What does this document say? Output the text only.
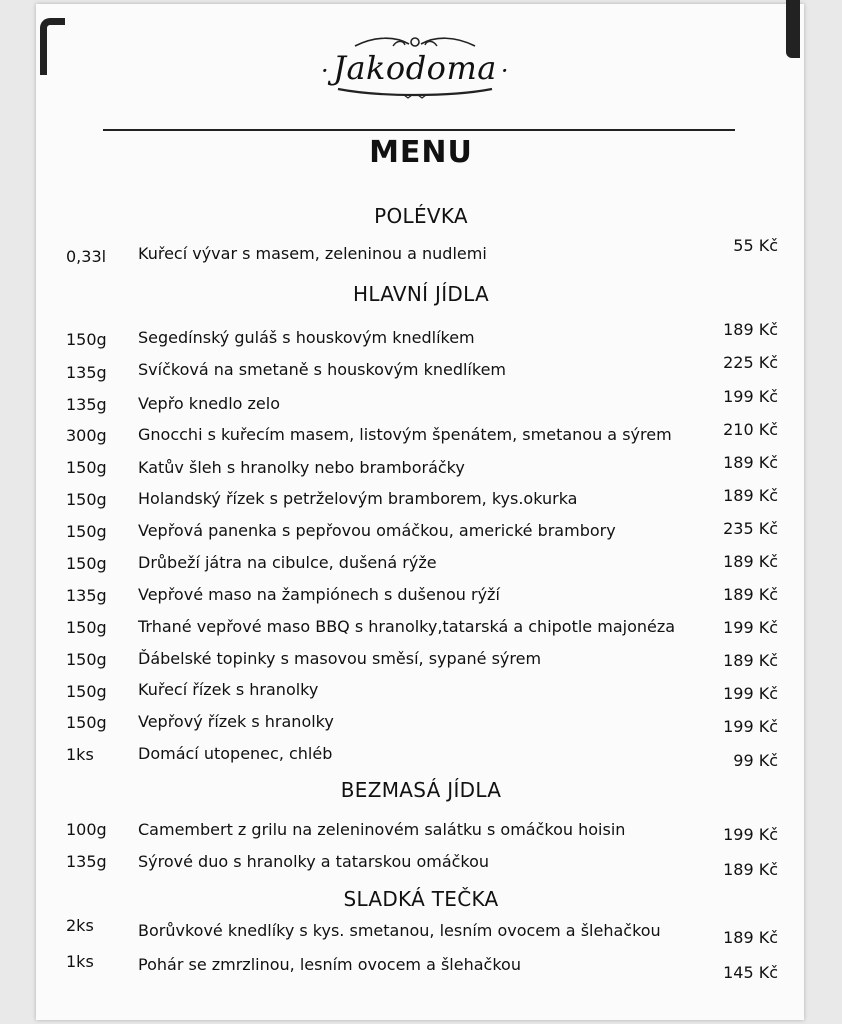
· Jakodoma ·
MENU
POLÉVKA
0,33l Kuřecí vývar s masem, zeleninou a nudlemi	55 Kč
HLAVNÍ JÍDLA
150g Segedínský guláš s houskovým knedlíkem	189 Kč
135g Svíčková na smetaně s houskovým knedlíkem	225 Kč
135g Vepřo knedlo zelo	199 Kč
300g Gnocchi s kuřecím masem, listovým špenátem, smetanou a sýrem	210 Kč
150g Katův šleh s hranolky nebo bramboráčky	189 Kč
150g Holandský řízek s petrželovým bramborem, kys.okurka	189 Kč
150g Vepřová panenka s pepřovou omáčkou, americké brambory	235 Kč
150g Drůbeží játra na cibulce, dušená rýže	189 Kč
135g Vepřové maso na žampiónech s dušenou rýží	189 Kč
150g Trhané vepřové maso BBQ s hranolky,tatarská a chipotle majonéza	199 Kč
150g Ďábelské topinky s masovou směsí, sypané sýrem	189 Kč
150g Kuřecí řízek s hranolky	199 Kč
150g Vepřový řízek s hranolky	199 Kč
1ks	Domácí utopenec, chléb	99 Kč
BEZMASÁ JÍDLA
100g Camembert z grilu na zeleninovém salátku s omáčkou hoisin	199 Kč
135g Sýrové duo s hranolky a tatarskou omáčkou	189 Kč
SLADKÁ TEČKA
2ks	Borůvkové knedlíky s kys. smetanou, lesním ovocem a šlehačkou	189 Kč
1ks	Pohár se zmrzlinou, lesním ovocem a šlehačkou	145 Kč
